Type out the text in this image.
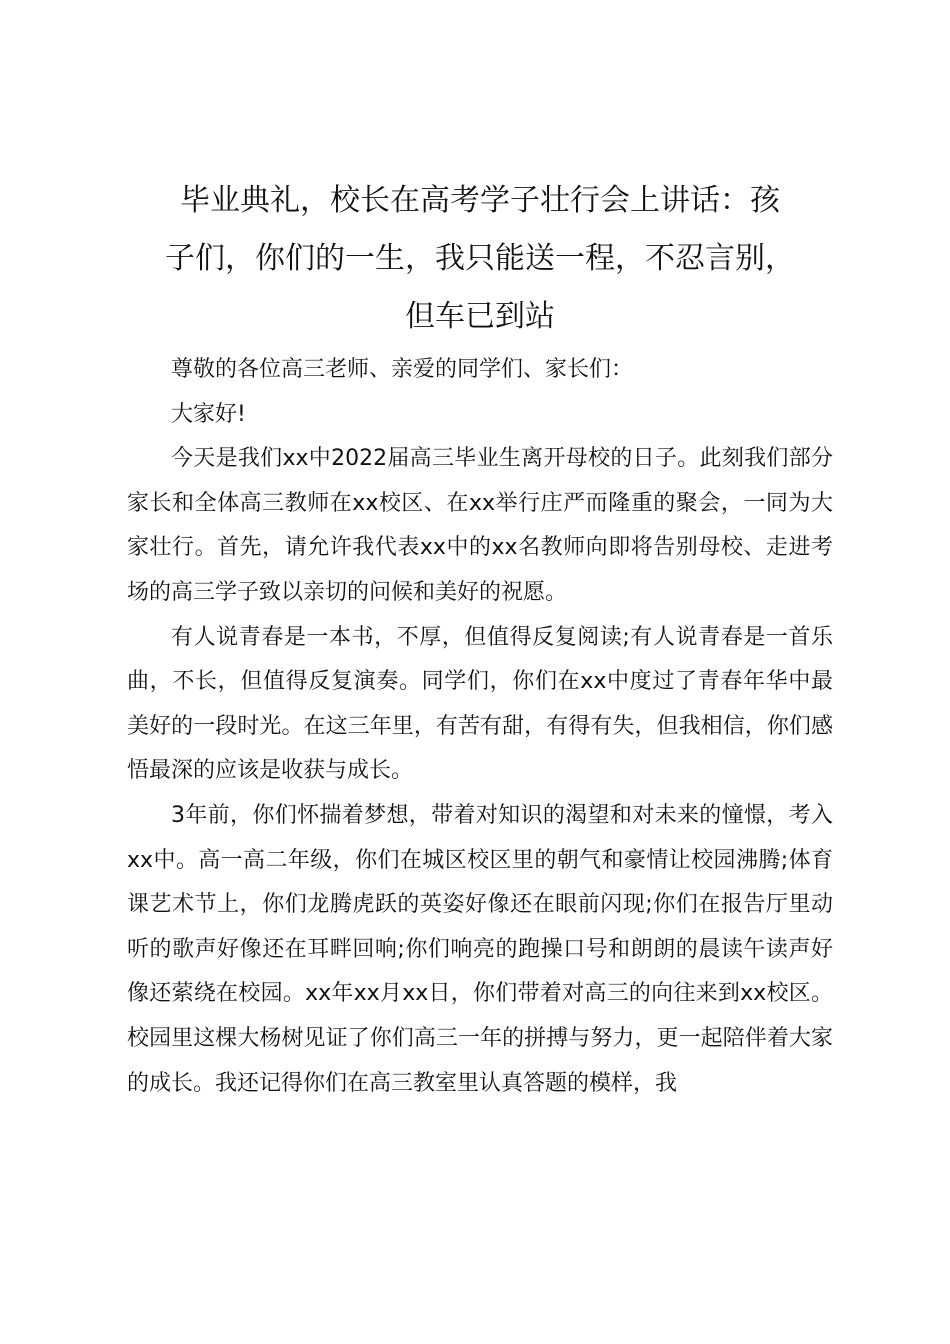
毕业典礼，校长在高考学子壮行会上讲话：孩
子们，你们的一生，我只能送一程，不忍言别，
但车已到站

尊敬的各位高三老师、亲爱的同学们、家长们：

大家好!

今天是我们xx中2022届高三毕业生离开母校的日子。此刻我们部分家长和全体高三教师在xx校区、在xx举行庄严而隆重的聚会，一同为大家壮行。首先，请允许我代表xx中的xx名教师向即将告别母校、走进考场的高三学子致以亲切的问候和美好的祝愿。

有人说青春是一本书，不厚，但值得反复阅读;有人说青春是一首乐曲，不长，但值得反复演奏。同学们，你们在xx中度过了青春年华中最美好的一段时光。在这三年里，有苦有甜，有得有失，但我相信，你们感悟最深的应该是收获与成长。

3年前，你们怀揣着梦想，带着对知识的渴望和对未来的憧憬，考入xx中。高一高二年级，你们在城区校区里的朝气和豪情让校园沸腾;体育课艺术节上，你们龙腾虎跃的英姿好像还在眼前闪现;你们在报告厅里动听的歌声好像还在耳畔回响;你们响亮的跑操口号和朗朗的晨读午读声好像还萦绕在校园。xx年xx月xx日，你们带着对高三的向往来到xx校区。校园里这棵大杨树见证了你们高三一年的拼搏与努力，更一起陪伴着大家的成长。我还记得你们在高三教室里认真答题的模样，我
